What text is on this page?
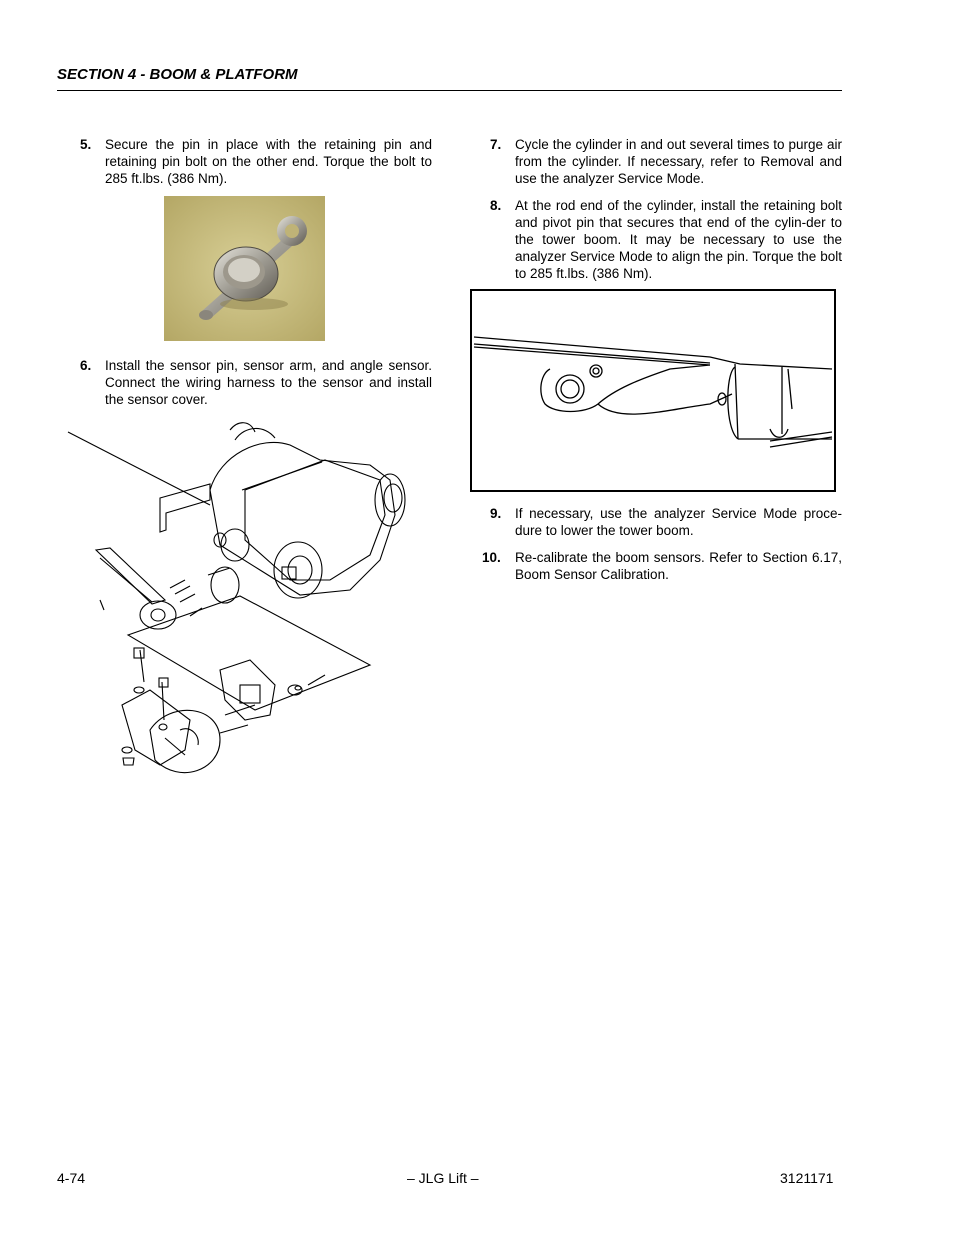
SECTION 4 - BOOM & PLATFORM
5. Secure the pin in place with the retaining pin and retaining pin bolt on the other end. Torque the bolt to 285 ft.lbs. (386 Nm).
6. Install the sensor pin, sensor arm, and angle sensor. Connect the wiring harness to the sensor and install the sensor cover.
7. Cycle the cylinder in and out several times to purge air from the cylinder. If necessary, refer to Removal and use the analyzer Service Mode.
8. At the rod end of the cylinder, install the retaining bolt and pivot pin that secures that end of the cylin-der to the tower boom. It may be necessary to use the analyzer Service Mode to align the pin. Torque the bolt to 285 ft.lbs. (386 Nm).
9. If necessary, use the analyzer Service Mode proce-dure to lower the tower boom.
10. Re-calibrate the boom sensors. Refer to Section 6.17, Boom Sensor Calibration.
4-74	– JLG Lift –	3121171
